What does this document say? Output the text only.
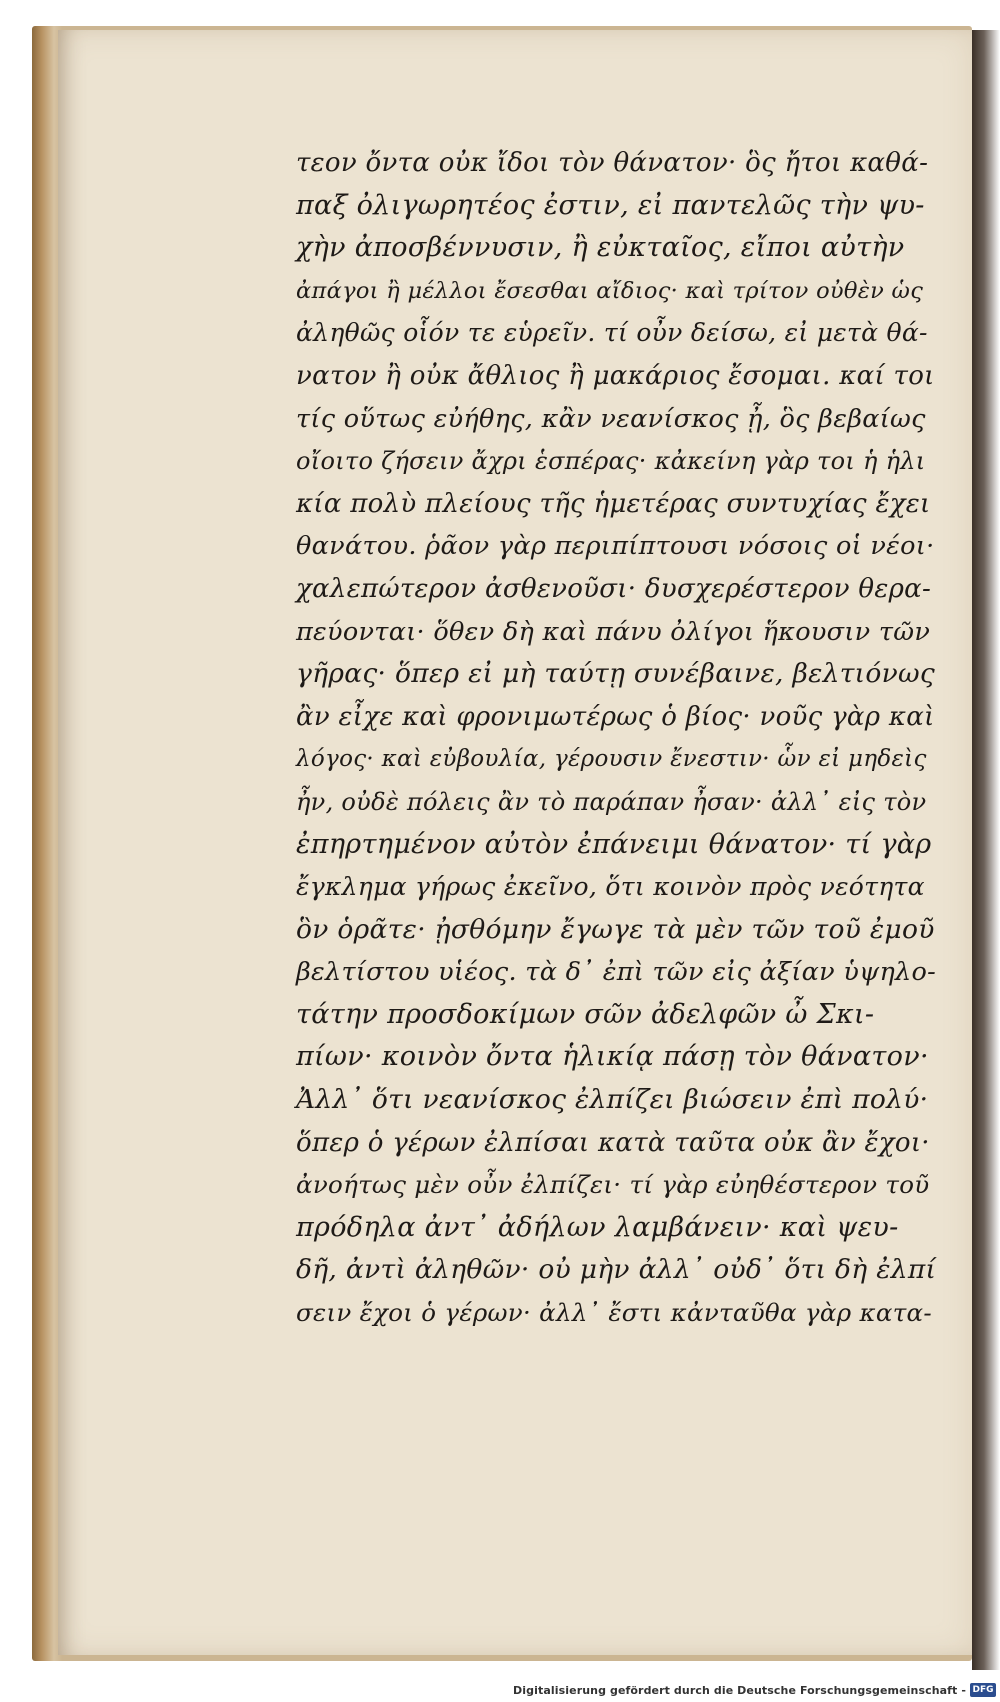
τεον ὄντα οὐκ ἴδοι τὸν θάνατον· ὃς ἤτοι καθά-
παξ ὀλιγωρητέος ἐστιν, εἰ παντελῶς τὴν ψυ-
χὴν ἀποσβέννυσιν, ἢ εὐκταῖος, εἴποι αὐτὴν
ἀπάγοι ἢ μέλλοι ἔσεσθαι αἴδιος· καὶ τρίτον οὐθὲν ὡς
ἀληθῶς οἷόν τε εὑρεῖν. τί οὖν δείσω, εἰ μετὰ θά-
νατον ἢ οὐκ ἄθλιος ἢ μακάριος ἔσομαι. καί τοι
τίς οὕτως εὐήθης, κἂν νεανίσκος ᾖ, ὃς βεβαίως
οἴοιτο ζήσειν ἄχρι ἑσπέρας· κἀκείνη γὰρ τοι ἡ ἡλι
κία πολὺ πλείους τῆς ἡμετέρας συντυχίας ἔχει
θανάτου. ῥᾶον γὰρ περιπίπτουσι νόσοις οἱ νέοι·
χαλεπώτερον ἀσθενοῦσι· δυσχερέστερον θερα-
πεύονται· ὅθεν δὴ καὶ πάνυ ὀλίγοι ἥκουσιν τῶν
γῆρας· ὅπερ εἰ μὴ ταύτῃ συνέβαινε, βελτιόνως
ἂν εἶχε καὶ φρονιμωτέρως ὁ βίος· νοῦς γὰρ καὶ
λόγος· καὶ εὐβουλία, γέρουσιν ἔνεστιν· ὧν εἰ μηδεὶς
ἦν, οὐδὲ πόλεις ἂν τὸ παράπαν ἦσαν· ἀλλ᾽ εἰς τὸν
ἐπηρτημένον αὐτὸν ἐπάνειμι θάνατον· τί γὰρ
ἔγκλημα γήρως ἐκεῖνο, ὅτι κοινὸν πρὸς νεότητα
ὃν ὁρᾶτε· ᾐσθόμην ἔγωγε τὰ μὲν τῶν τοῦ ἐμοῦ
βελτίστου υἱέος. τὰ δ᾽ ἐπὶ τῶν εἰς ἀξίαν ὑψηλο-
τάτην προσδοκίμων σῶν ἀδελφῶν ὦ Σκι-
πίων· κοινὸν ὄντα ἡλικίᾳ πάσῃ τὸν θάνατον·
Ἀλλ᾽ ὅτι νεανίσκος ἐλπίζει βιώσειν ἐπὶ πολύ·
ὅπερ ὁ γέρων ἐλπίσαι κατὰ ταῦτα οὐκ ἂν ἔχοι·
ἀνοήτως μὲν οὖν ἐλπίζει· τί γὰρ εὐηθέστερον τοῦ
πρόδηλα ἀντ᾽ ἀδήλων λαμβάνειν· καὶ ψευ-
δῆ, ἀντὶ ἀληθῶν· οὐ μὴν ἀλλ᾽ οὐδ᾽ ὅτι δὴ ἐλπί
σειν ἔχοι ὁ γέρων· ἀλλ᾽ ἔστι κἀνταῦθα γὰρ κατα-
Digitalisierung gefördert durch die Deutsche Forschungsgemeinschaft - DFG
